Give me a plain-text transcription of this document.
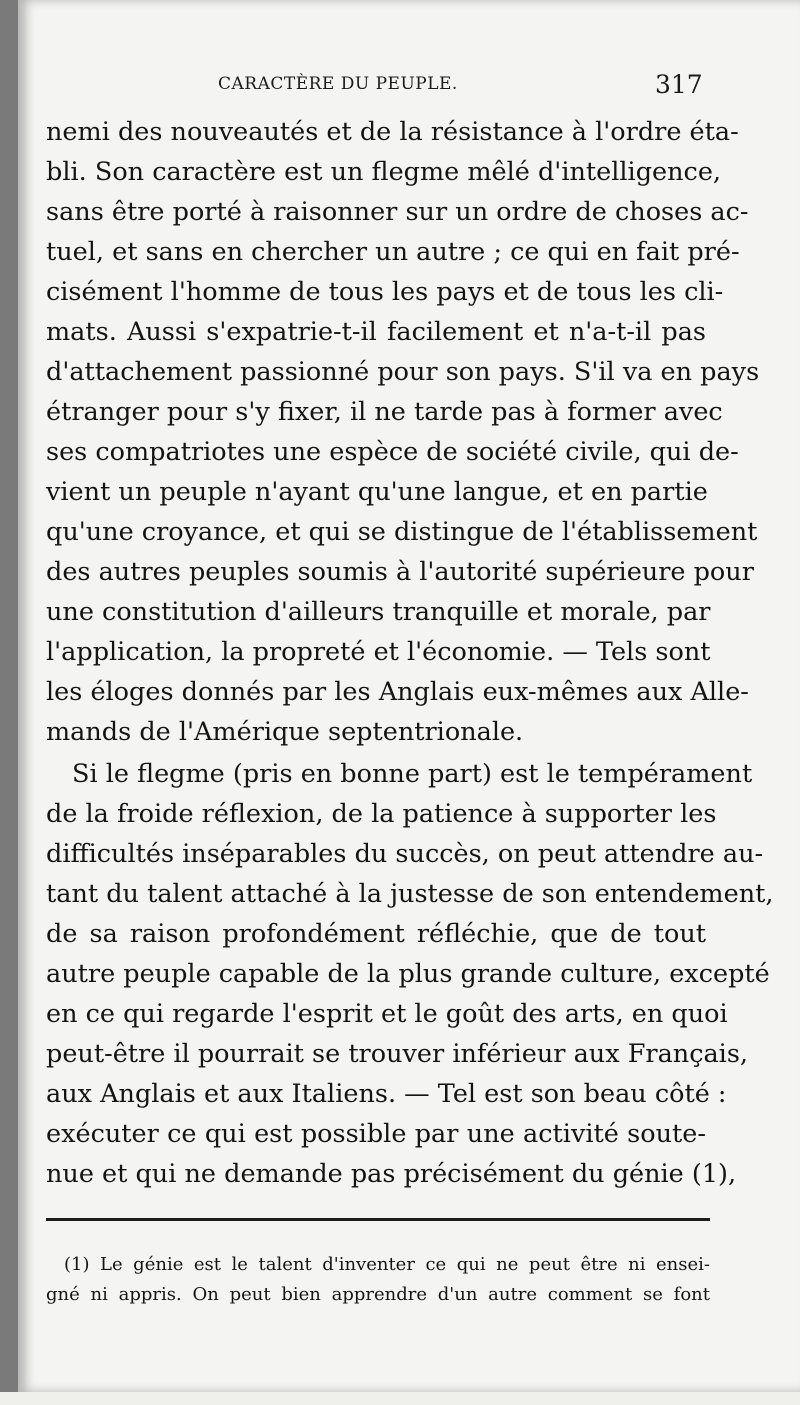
CARACTÈRE DU PEUPLE.	317
nemi des nouveautés et de la résistance à l'ordre éta-
bli. Son caractère est un flegme mêlé d'intelligence,
sans être porté à raisonner sur un ordre de choses ac-
tuel, et sans en chercher un autre ; ce qui en fait pré-
cisément l'homme de tous les pays et de tous les cli-
mats. Aussi s'expatrie-t-il facilement et n'a-t-il pas
d'attachement passionné pour son pays. S'il va en pays
étranger pour s'y fixer, il ne tarde pas à former avec
ses compatriotes une espèce de société civile, qui de-
vient un peuple n'ayant qu'une langue, et en partie
qu'une croyance, et qui se distingue de l'établissement
des autres peuples soumis à l'autorité supérieure pour
une constitution d'ailleurs tranquille et morale, par
l'application, la propreté et l'économie. — Tels sont
les éloges donnés par les Anglais eux-mêmes aux Alle-
mands de l'Amérique septentrionale.
Si le flegme (pris en bonne part) est le tempérament
de la froide réflexion, de la patience à supporter les
difficultés inséparables du succès, on peut attendre au-
tant du talent attaché à la justesse de son entendement,
de sa raison profondément réfléchie, que de tout
autre peuple capable de la plus grande culture, excepté
en ce qui regarde l'esprit et le goût des arts, en quoi
peut-être il pourrait se trouver inférieur aux Français,
aux Anglais et aux Italiens. — Tel est son beau côté :
exécuter ce qui est possible par une activité soute-
nue et qui ne demande pas précisément du génie (1),
(1) Le génie est le talent d'inventer ce qui ne peut être ni ensei-
gné ni appris. On peut bien apprendre d'un autre comment se font
